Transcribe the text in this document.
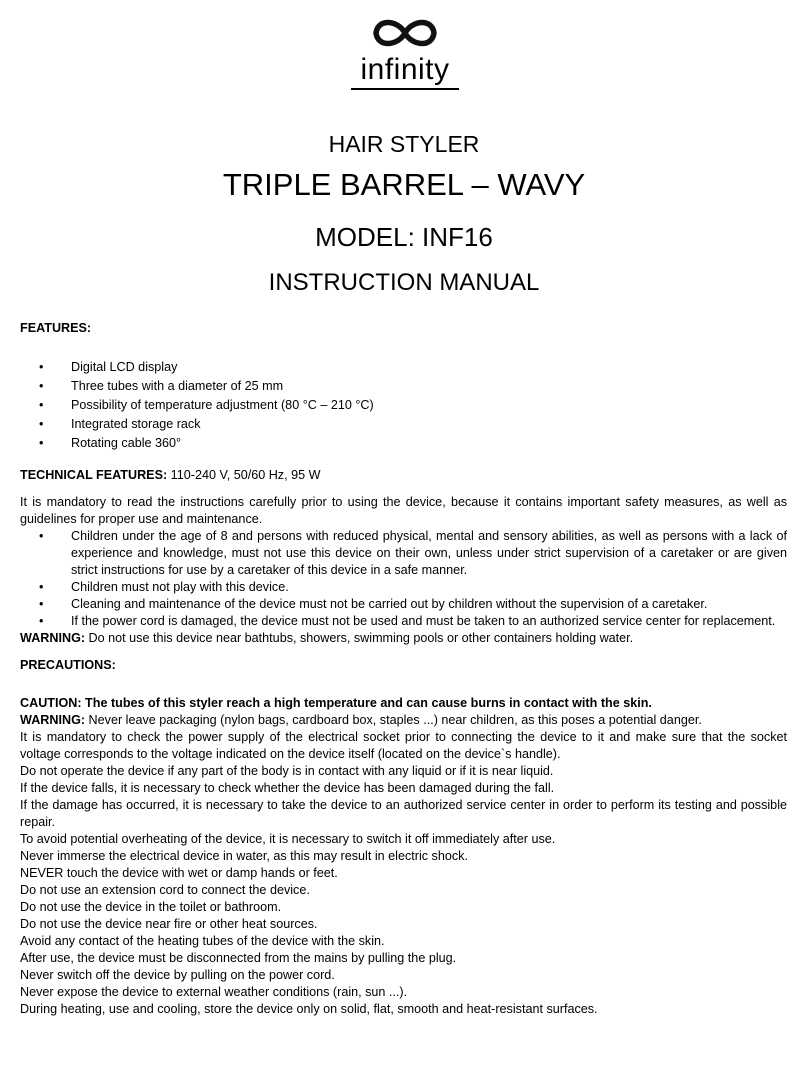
infinity
HAIR STYLER
TRIPLE BARREL – WAVY
MODEL: INF16
INSTRUCTION MANUAL

FEATURES:

• Digital LCD display
• Three tubes with a diameter of 25 mm
• Possibility of temperature adjustment (80 °C – 210 °C)
• Integrated storage rack
• Rotating cable 360°

TECHNICAL FEATURES: 110-240 V, 50/60 Hz, 95 W

It is mandatory to read the instructions carefully prior to using the device, because it contains important safety measures, as well as guidelines for proper use and maintenance.

• Children under the age of 8 and persons with reduced physical, mental and sensory abilities, as well as persons with a lack of experience and knowledge, must not use this device on their own, unless under strict supervision of a caretaker or are given strict instructions for use by a caretaker of this device in a safe manner.
• Children must not play with this device.
• Cleaning and maintenance of the device must not be carried out by children without the supervision of a caretaker.
• If the power cord is damaged, the device must not be used and must be taken to an authorized service center for replacement.

WARNING: Do not use this device near bathtubs, showers, swimming pools or other containers holding water.

PRECAUTIONS:

CAUTION: The tubes of this styler reach a high temperature and can cause burns in contact with the skin.

WARNING: Never leave packaging (nylon bags, cardboard box, staples ...) near children, as this poses a potential danger.

It is mandatory to check the power supply of the electrical socket prior to connecting the device to it and make sure that the socket voltage corresponds to the voltage indicated on the device itself (located on the device`s handle).

Do not operate the device if any part of the body is in contact with any liquid or if it is near liquid.

If the device falls, it is necessary to check whether the device has been damaged during the fall.

If the damage has occurred, it is necessary to take the device to an authorized service center in order to perform its testing and possible repair.

To avoid potential overheating of the device, it is necessary to switch it off immediately after use.

Never immerse the electrical device in water, as this may result in electric shock.

NEVER touch the device with wet or damp hands or feet.

Do not use an extension cord to connect the device.

Do not use the device in the toilet or bathroom.

Do not use the device near fire or other heat sources.

Avoid any contact of the heating tubes of the device with the skin.

After use, the device must be disconnected from the mains by pulling the plug.

Never switch off the device by pulling on the power cord.

Never expose the device to external weather conditions (rain, sun ...).

During heating, use and cooling, store the device only on solid, flat, smooth and heat-resistant surfaces.
